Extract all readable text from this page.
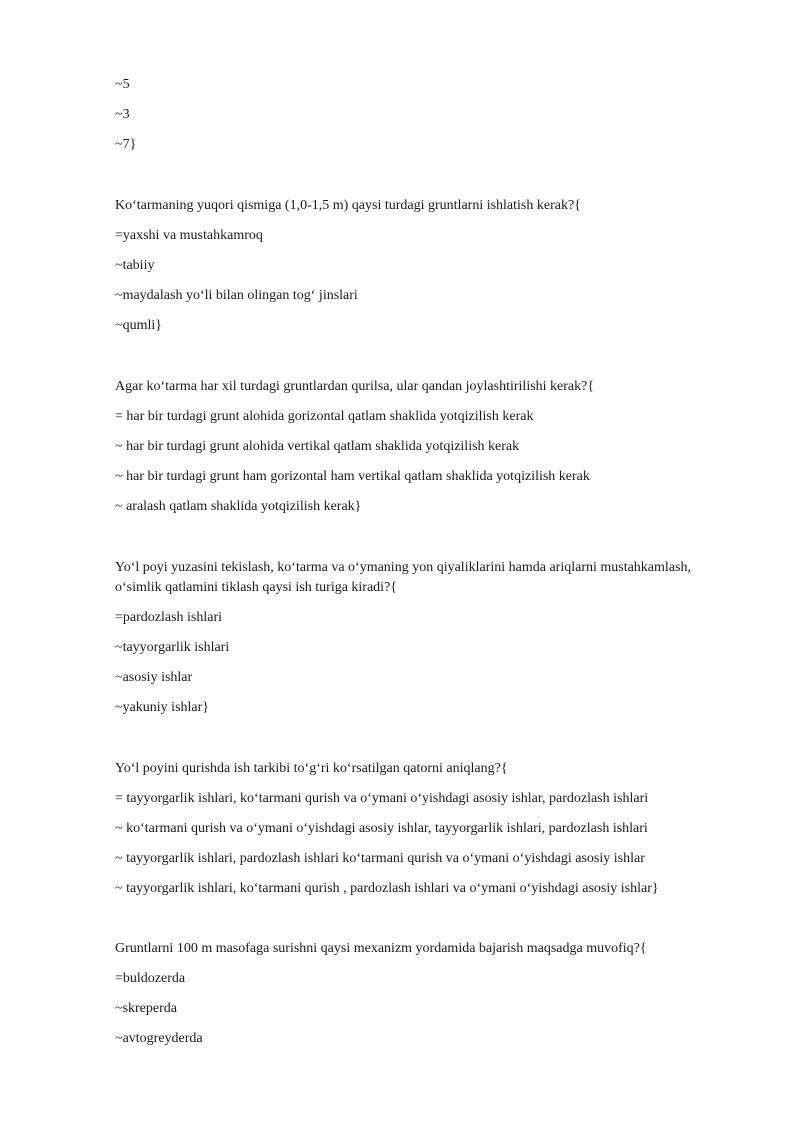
~5

~3

~7}

Ko‘tarmaning yuqori qismiga (1,0-1,5 m) qaysi turdagi gruntlarni ishlatish kerak?{

=yaxshi va mustahkamroq

~tabiiy

~maydalash yo‘li bilan olingan tog‘ jinslari

~qumli}

Agar ko‘tarma har xil turdagi gruntlardan qurilsa, ular qandan joylashtirilishi kerak?{

= har bir turdagi grunt alohida gorizontal qatlam shaklida yotqizilish kerak

~ har bir turdagi grunt alohida vertikal qatlam shaklida yotqizilish kerak

~ har bir turdagi grunt ham gorizontal ham vertikal qatlam shaklida yotqizilish kerak

~ aralash qatlam shaklida yotqizilish kerak}

Yo‘l poyi yuzasini tekislash, ko‘tarma va o‘ymaning yon qiyaliklarini hamda ariqlarni mustahkamlash, o‘simlik qatlamini tiklash qaysi ish turiga kiradi?{

=pardozlash ishlari

~tayyorgarlik ishlari

~asosiy ishlar

~yakuniy ishlar}

Yo‘l poyini qurishda ish tarkibi to‘g‘ri ko‘rsatilgan qatorni aniqlang?{

= tayyorgarlik ishlari, ko‘tarmani qurish va o‘ymani o‘yishdagi asosiy ishlar, pardozlash ishlari

~ ko‘tarmani qurish va o‘ymani o‘yishdagi asosiy ishlar, tayyorgarlik ishlari, pardozlash ishlari

~ tayyorgarlik ishlari, pardozlash ishlari ko‘tarmani qurish va o‘ymani o‘yishdagi asosiy ishlar

~ tayyorgarlik ishlari, ko‘tarmani qurish , pardozlash ishlari va o‘ymani o‘yishdagi asosiy ishlar}

Gruntlarni 100 m masofaga surishni qaysi mexanizm yordamida bajarish maqsadga muvofiq?{

=buldozerda

~skreperda

~avtogreyderda
